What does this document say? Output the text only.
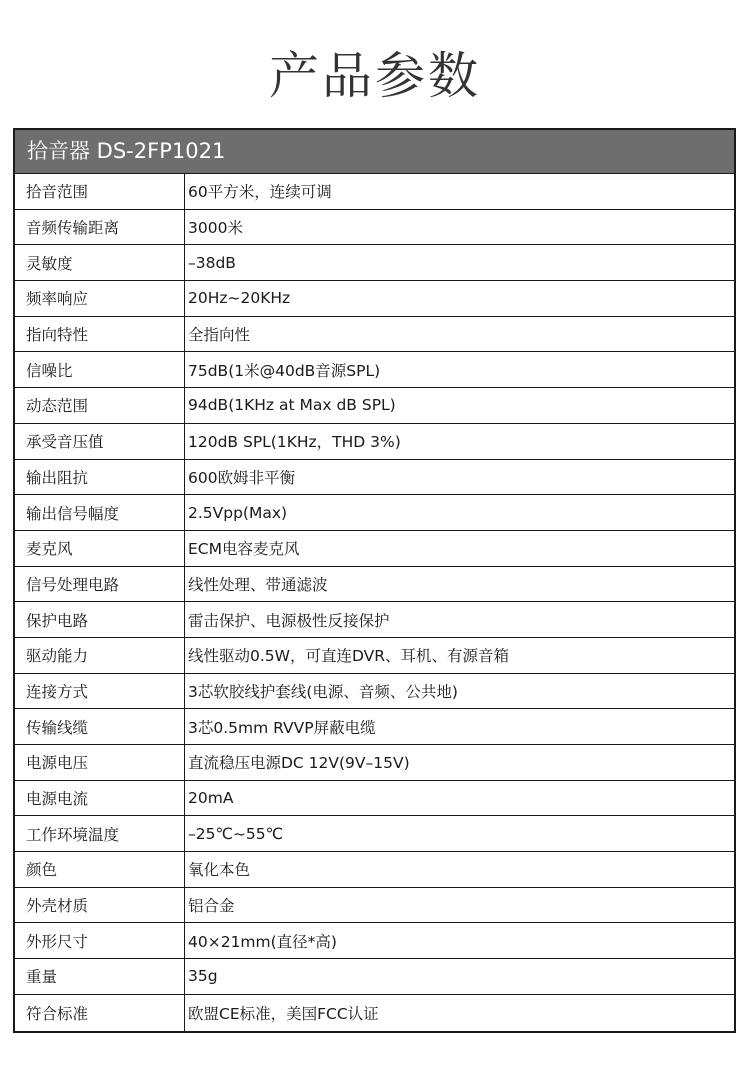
产品参数
拾音器 DS-2FP1021
拾音范围	60平方米，连续可调
音频传输距离	3000米
灵敏度	–38dB
频率响应	20Hz~20KHz
指向特性	全指向性
信噪比	75dB(1米@40dB音源SPL)
动态范围	94dB(1KHz at Max dB SPL)
承受音压值	120dB SPL(1KHz，THD 3%)
输出阻抗	600欧姆非平衡
输出信号幅度	2.5Vpp(Max)
麦克风	ECM电容麦克风
信号处理电路	线性处理、带通滤波
保护电路	雷击保护、电源极性反接保护
驱动能力	线性驱动0.5W，可直连DVR、耳机、有源音箱
连接方式	3芯软胶线护套线(电源、音频、公共地)
传输线缆	3芯0.5mm RVVP屏蔽电缆
电源电压	直流稳压电源DC 12V(9V–15V)
电源电流	20mA
工作环境温度	–25℃~55℃
颜色	氧化本色
外壳材质	铝合金
外形尺寸	40×21mm(直径*高)
重量	35g
符合标准	欧盟CE标准，美国FCC认证
